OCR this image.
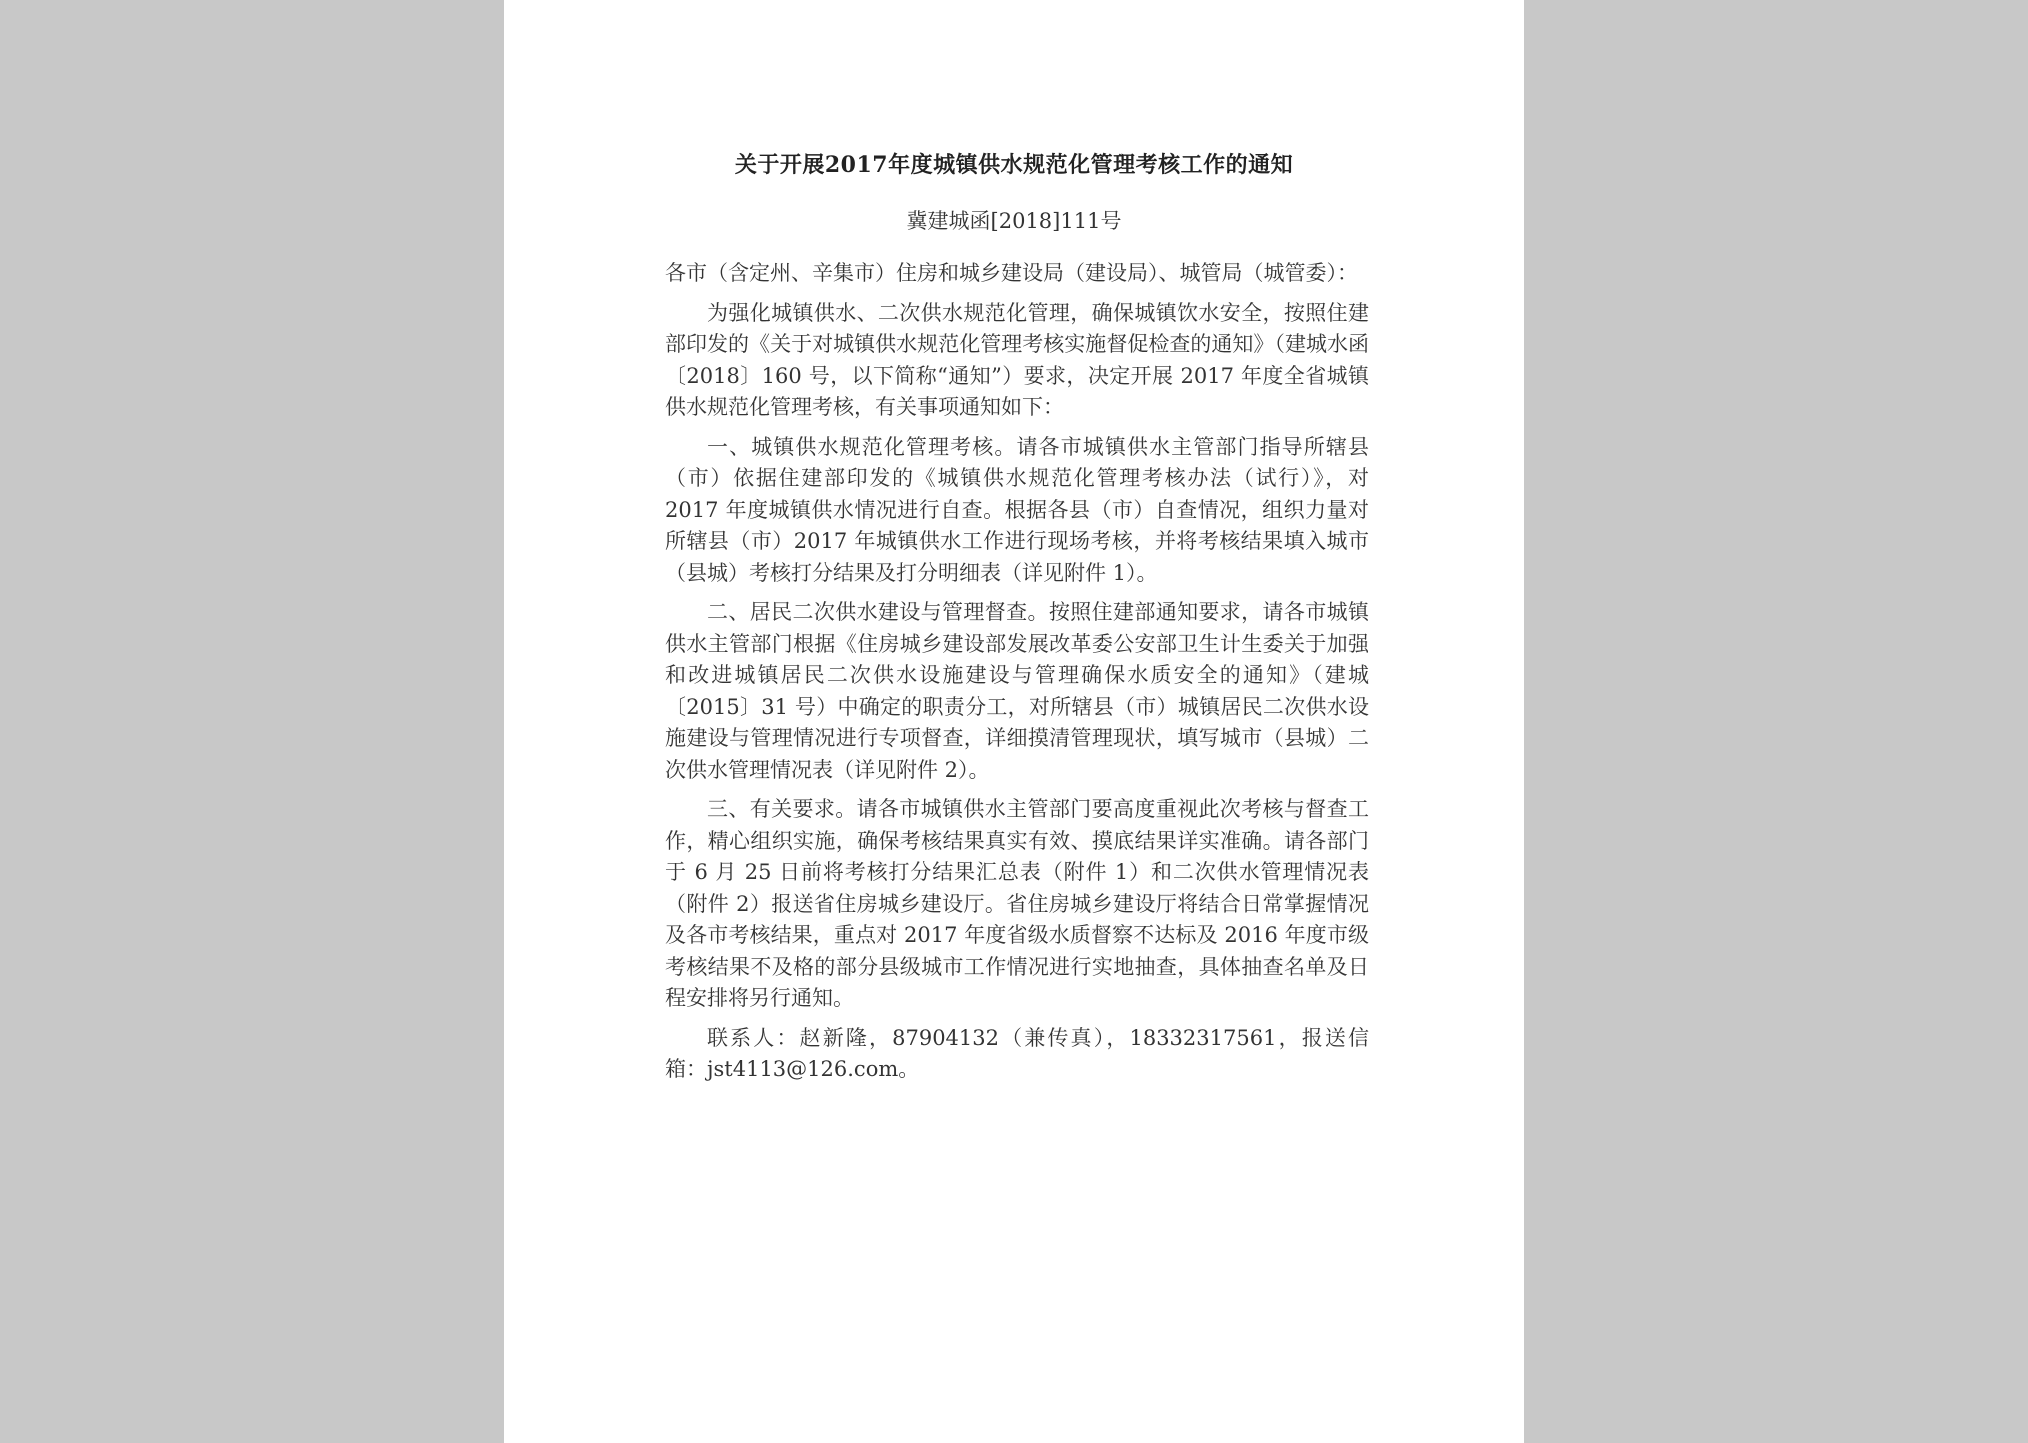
关于开展2017年度城镇供水规范化管理考核工作的通知
冀建城函[2018]111号

各市（含定州、辛集市）住房和城乡建设局（建设局）、城管局（城管委）：

为强化城镇供水、二次供水规范化管理，确保城镇饮水安全，按照住建部印发的《关于对城镇供水规范化管理考核实施督促检查的通知》（建城水函〔2018〕160 号，以下简称“通知”）要求，决定开展 2017 年度全省城镇供水规范化管理考核，有关事项通知如下：

一、城镇供水规范化管理考核。请各市城镇供水主管部门指导所辖县（市）依据住建部印发的《城镇供水规范化管理考核办法（试行）》，对 2017 年度城镇供水情况进行自查。根据各县（市）自查情况，组织力量对所辖县（市）2017 年城镇供水工作进行现场考核，并将考核结果填入城市（县城）考核打分结果及打分明细表（详见附件 1）。

二、居民二次供水建设与管理督查。按照住建部通知要求，请各市城镇供水主管部门根据《住房城乡建设部发展改革委公安部卫生计生委关于加强和改进城镇居民二次供水设施建设与管理确保水质安全的通知》（建城〔2015〕31 号）中确定的职责分工，对所辖县（市）城镇居民二次供水设施建设与管理情况进行专项督查，详细摸清管理现状，填写城市（县城）二次供水管理情况表（详见附件 2）。

三、有关要求。请各市城镇供水主管部门要高度重视此次考核与督查工作，精心组织实施，确保考核结果真实有效、摸底结果详实准确。请各部门于 6 月 25 日前将考核打分结果汇总表（附件 1）和二次供水管理情况表（附件 2）报送省住房城乡建设厅。省住房城乡建设厅将结合日常掌握情况及各市考核结果，重点对 2017 年度省级水质督察不达标及 2016 年度市级考核结果不及格的部分县级城市工作情况进行实地抽查，具体抽查名单及日程安排将另行通知。

联系人：赵新隆，87904132（兼传真），18332317561，报送信箱：jst4113@126.com。
